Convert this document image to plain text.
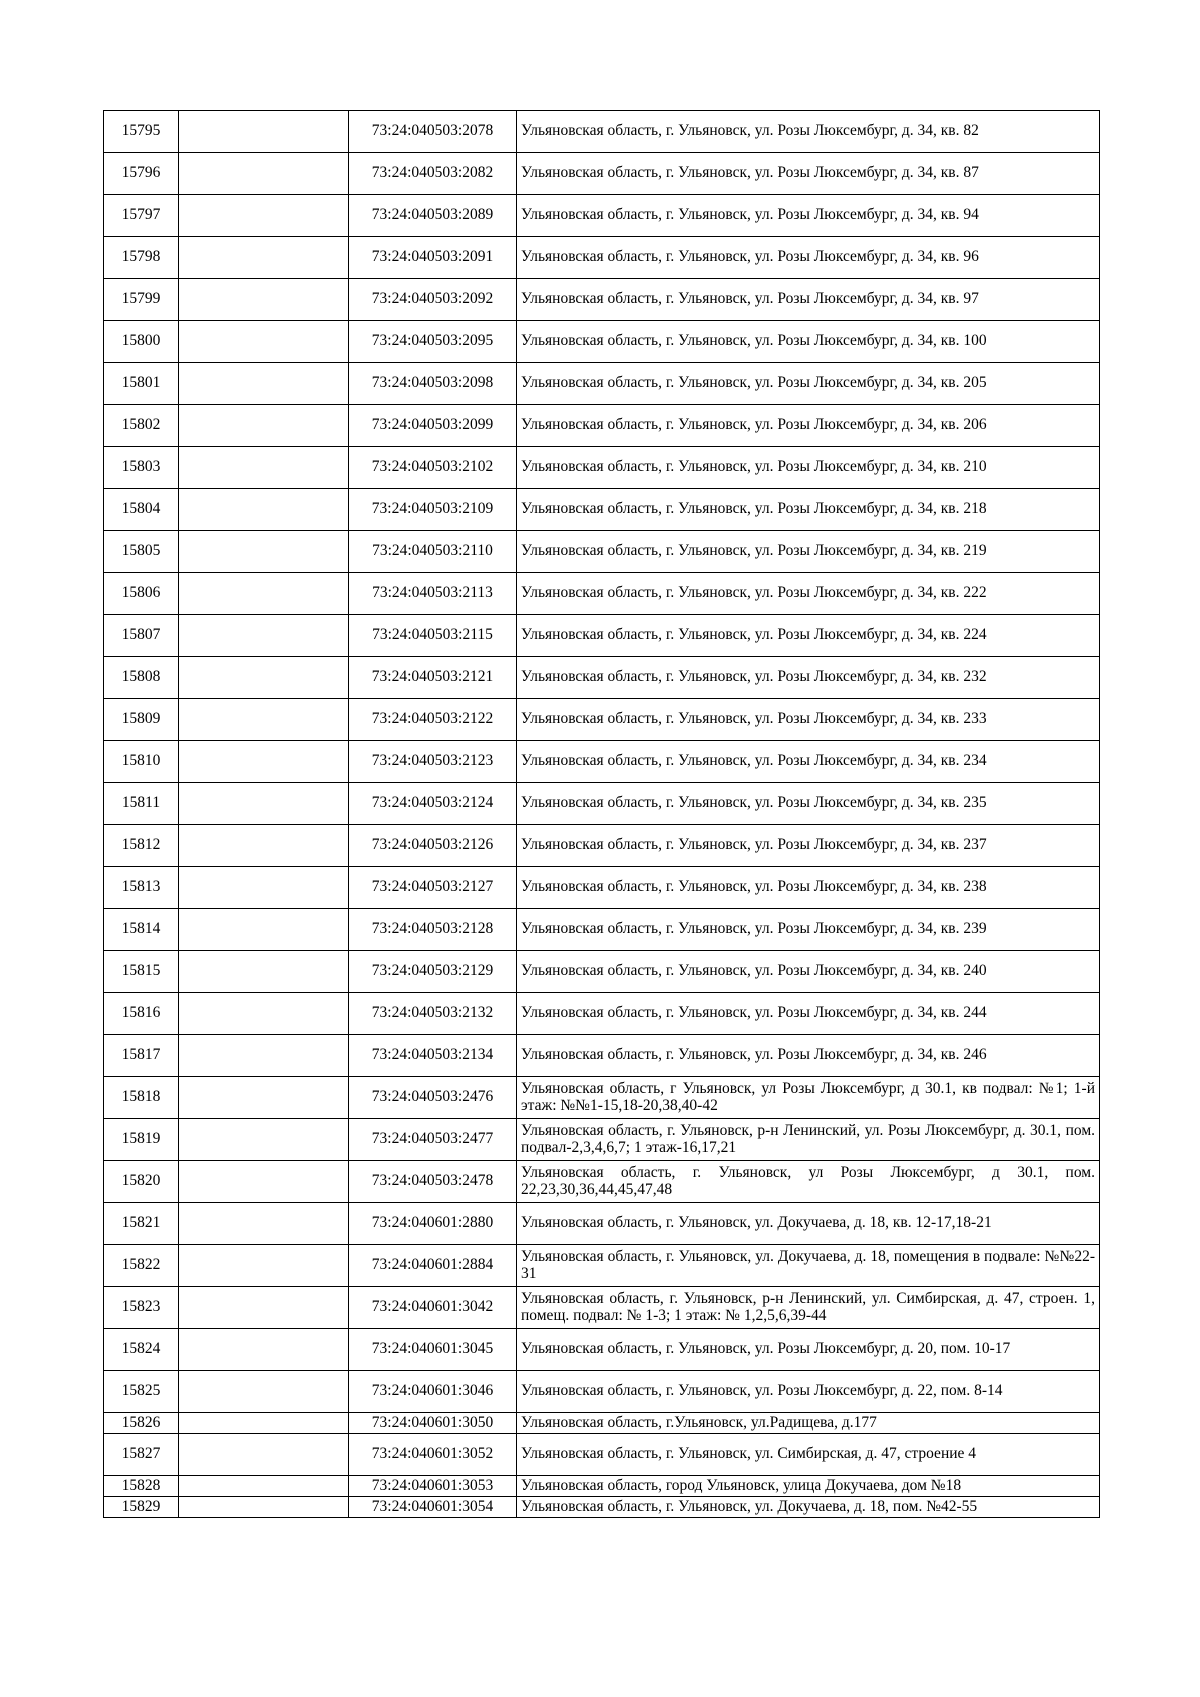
15795		73:24:040503:2078	Ульяновская область, г. Ульяновск, ул. Розы Люксембург, д. 34, кв. 82
15796		73:24:040503:2082	Ульяновская область, г. Ульяновск, ул. Розы Люксембург, д. 34, кв. 87
15797		73:24:040503:2089	Ульяновская область, г. Ульяновск, ул. Розы Люксембург, д. 34, кв. 94
15798		73:24:040503:2091	Ульяновская область, г. Ульяновск, ул. Розы Люксембург, д. 34, кв. 96
15799		73:24:040503:2092	Ульяновская область, г. Ульяновск, ул. Розы Люксембург, д. 34, кв. 97
15800		73:24:040503:2095	Ульяновская область, г. Ульяновск, ул. Розы Люксембург, д. 34, кв. 100
15801		73:24:040503:2098	Ульяновская область, г. Ульяновск, ул. Розы Люксембург, д. 34, кв. 205
15802		73:24:040503:2099	Ульяновская область, г. Ульяновск, ул. Розы Люксембург, д. 34, кв. 206
15803		73:24:040503:2102	Ульяновская область, г. Ульяновск, ул. Розы Люксембург, д. 34, кв. 210
15804		73:24:040503:2109	Ульяновская область, г. Ульяновск, ул. Розы Люксембург, д. 34, кв. 218
15805		73:24:040503:2110	Ульяновская область, г. Ульяновск, ул. Розы Люксембург, д. 34, кв. 219
15806		73:24:040503:2113	Ульяновская область, г. Ульяновск, ул. Розы Люксембург, д. 34, кв. 222
15807		73:24:040503:2115	Ульяновская область, г. Ульяновск, ул. Розы Люксембург, д. 34, кв. 224
15808		73:24:040503:2121	Ульяновская область, г. Ульяновск, ул. Розы Люксембург, д. 34, кв. 232
15809		73:24:040503:2122	Ульяновская область, г. Ульяновск, ул. Розы Люксембург, д. 34, кв. 233
15810		73:24:040503:2123	Ульяновская область, г. Ульяновск, ул. Розы Люксембург, д. 34, кв. 234
15811		73:24:040503:2124	Ульяновская область, г. Ульяновск, ул. Розы Люксембург, д. 34, кв. 235
15812		73:24:040503:2126	Ульяновская область, г. Ульяновск, ул. Розы Люксембург, д. 34, кв. 237
15813		73:24:040503:2127	Ульяновская область, г. Ульяновск, ул. Розы Люксембург, д. 34, кв. 238
15814		73:24:040503:2128	Ульяновская область, г. Ульяновск, ул. Розы Люксембург, д. 34, кв. 239
15815		73:24:040503:2129	Ульяновская область, г. Ульяновск, ул. Розы Люксембург, д. 34, кв. 240
15816		73:24:040503:2132	Ульяновская область, г. Ульяновск, ул. Розы Люксембург, д. 34, кв. 244
15817		73:24:040503:2134	Ульяновская область, г. Ульяновск, ул. Розы Люксембург, д. 34, кв. 246
15818		73:24:040503:2476	Ульяновская область, г Ульяновск, ул Розы Люксембург, д 30.1, кв подвал: №1; 1-й этаж: №№1-15,18-20,38,40-42
15819		73:24:040503:2477	Ульяновская область, г. Ульяновск, р-н Ленинский, ул. Розы Люксембург, д. 30.1, пом. подвал-2,3,4,6,7; 1 этаж-16,17,21
15820		73:24:040503:2478	Ульяновская область, г. Ульяновск, ул Розы Люксембург, д 30.1, пом. 22,23,30,36,44,45,47,48
15821		73:24:040601:2880	Ульяновская область, г. Ульяновск, ул. Докучаева, д. 18, кв. 12-17,18-21
15822		73:24:040601:2884	Ульяновская область, г. Ульяновск, ул. Докучаева, д. 18, помещения в подвале: №№22-31
15823		73:24:040601:3042	Ульяновская область, г. Ульяновск, р-н Ленинский, ул. Симбирская, д. 47, строен. 1, помещ. подвал: № 1-3; 1 этаж: № 1,2,5,6,39-44
15824		73:24:040601:3045	Ульяновская область, г. Ульяновск, ул. Розы Люксембург, д. 20, пом. 10-17
15825		73:24:040601:3046	Ульяновская область, г. Ульяновск, ул. Розы Люксембург, д. 22, пом. 8-14
15826		73:24:040601:3050	Ульяновская область, г.Ульяновск, ул.Радищева, д.177
15827		73:24:040601:3052	Ульяновская область, г. Ульяновск, ул. Симбирская, д. 47, строение 4
15828		73:24:040601:3053	Ульяновская область, город Ульяновск, улица Докучаева, дом №18
15829		73:24:040601:3054	Ульяновская область, г. Ульяновск, ул. Докучаева, д. 18, пом. №42-55
